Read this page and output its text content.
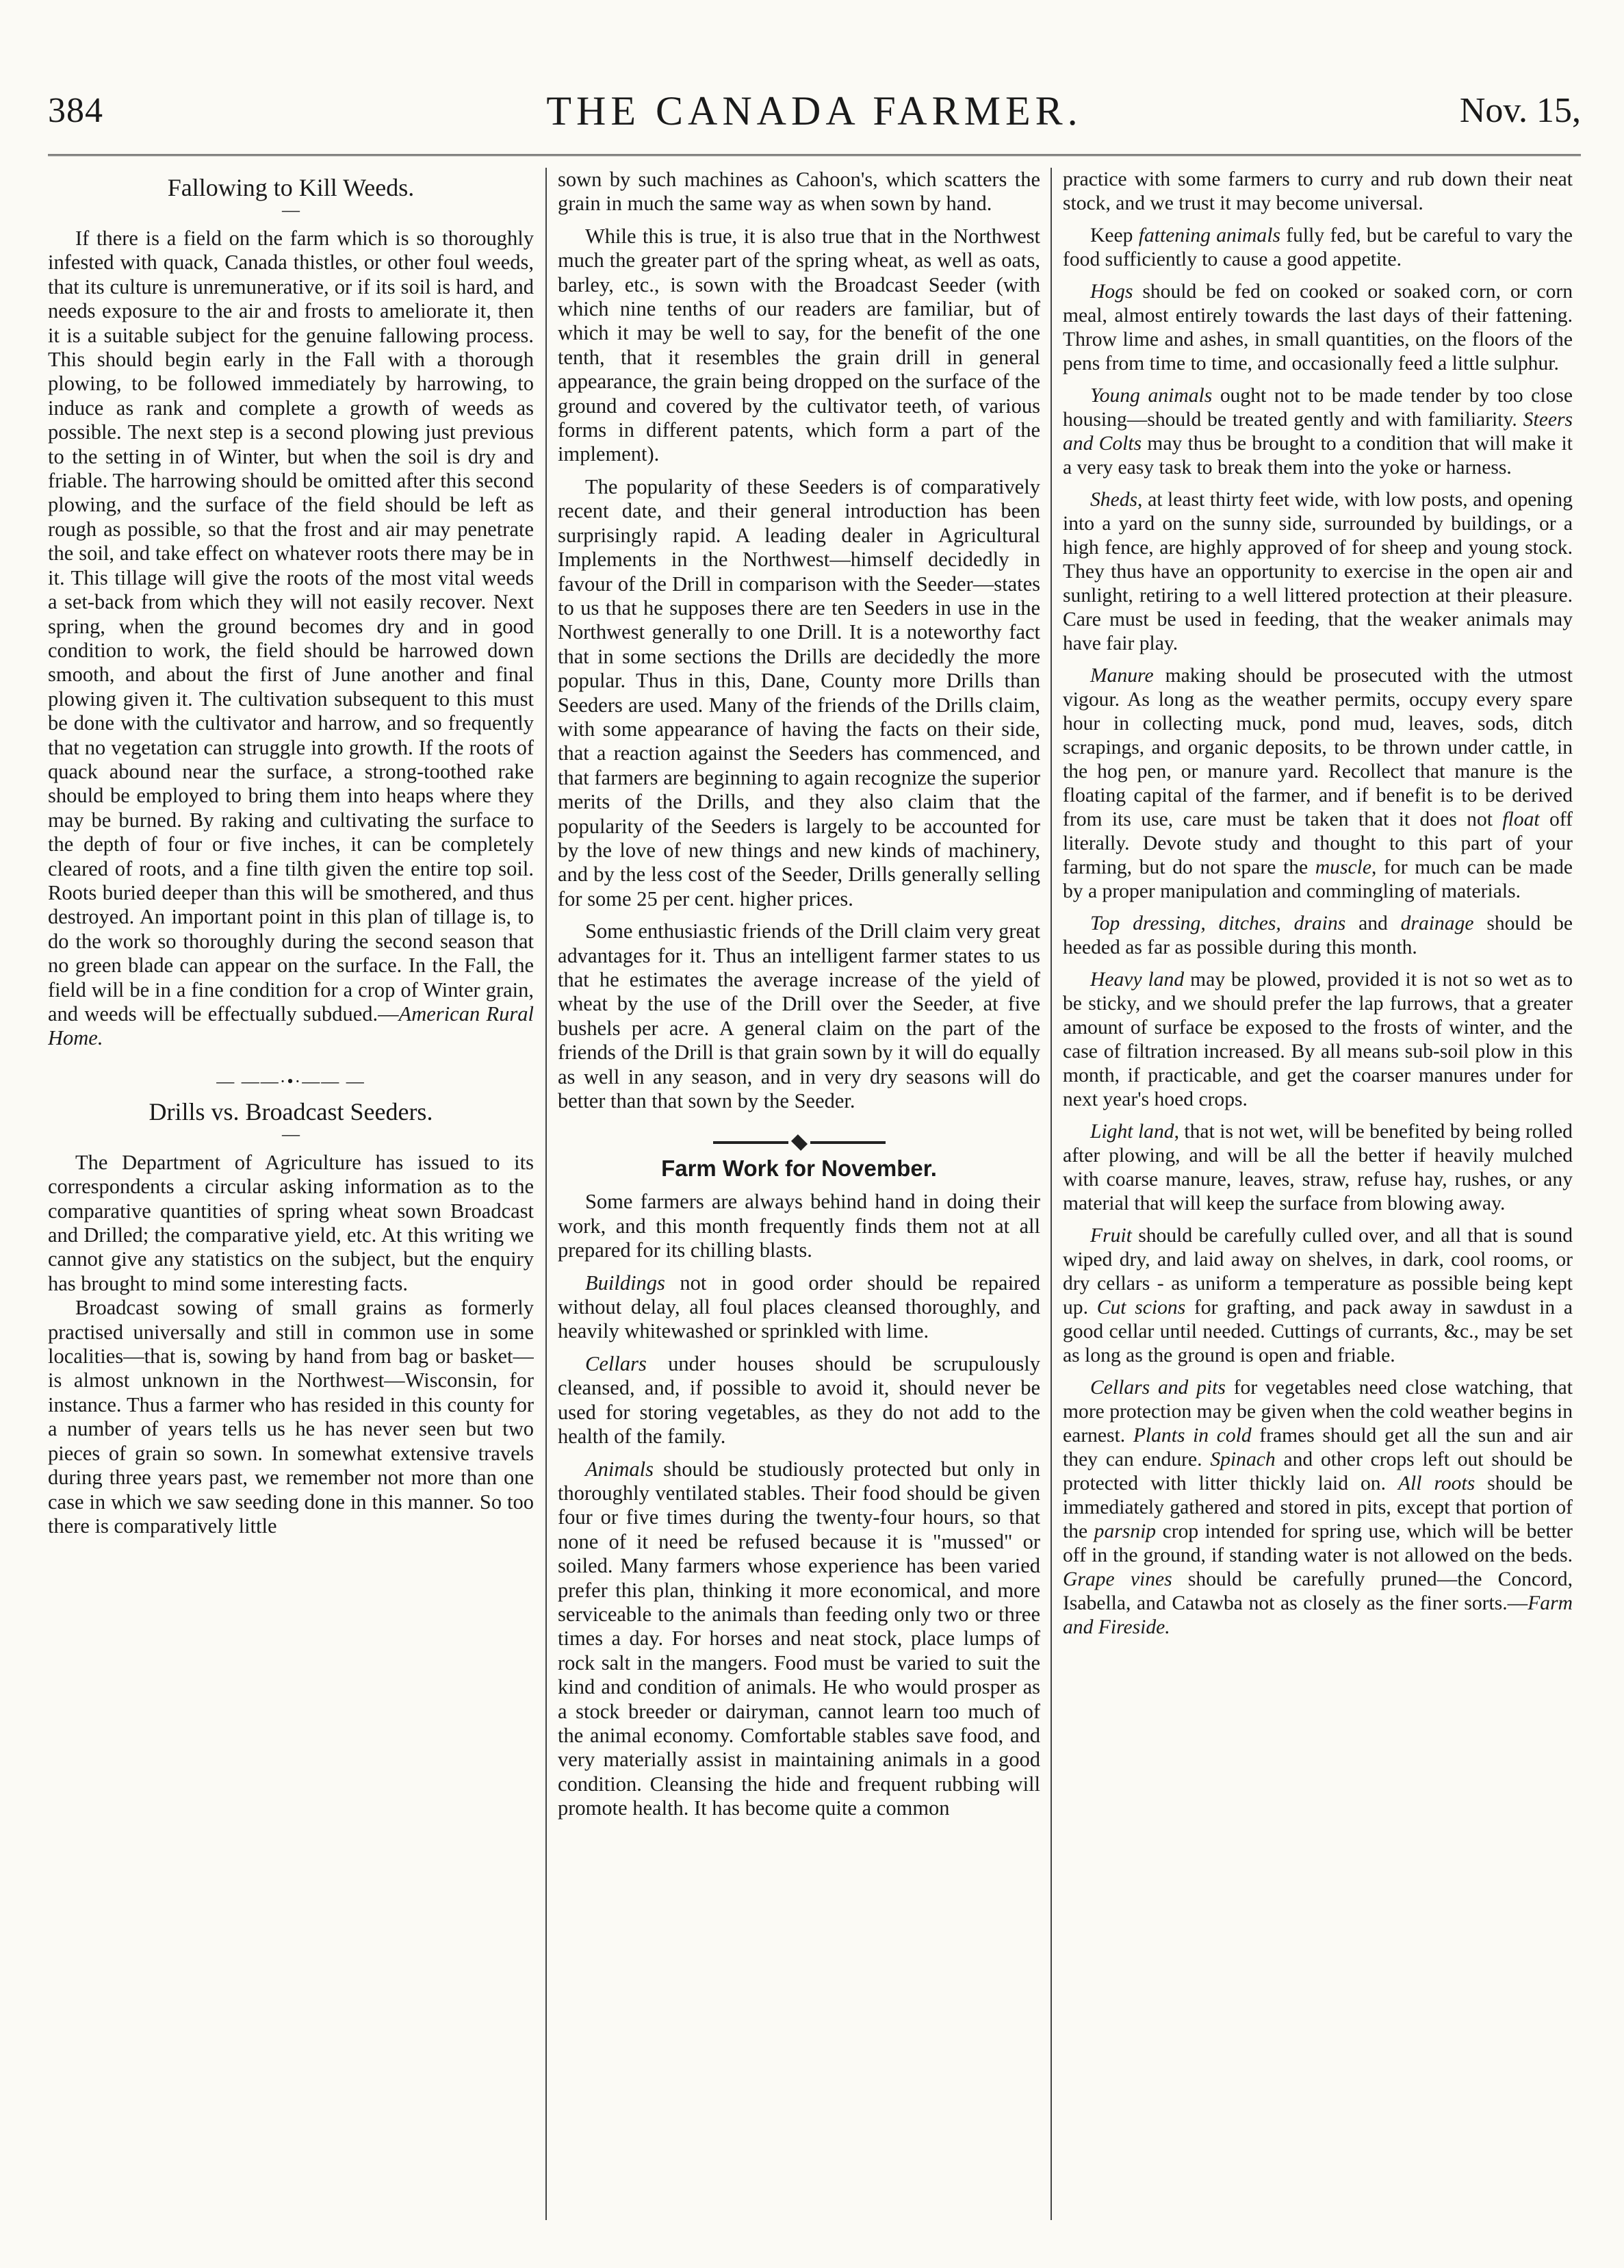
384	THE CANADA FARMER.	Nov. 15,
Fallowing to Kill Weeds.
—

If there is a field on the farm which is so thoroughly infested with quack, Canada thistles, or other foul weeds, that its culture is unremunerative, or if its soil is hard, and needs exposure to the air and frosts to ameliorate it, then it is a suitable subject for the genuine fallowing process. This should begin early in the Fall with a thorough plowing, to be followed immediately by harrowing, to induce as rank and complete a growth of weeds as possible. The next step is a second plowing just previous to the setting in of Winter, but when the soil is dry and friable. The harrowing should be omitted after this second plowing, and the surface of the field should be left as rough as possible, so that the frost and air may penetrate the soil, and take effect on whatever roots there may be in it. This tillage will give the roots of the most vital weeds a set-back from which they will not easily recover. Next spring, when the ground becomes dry and in good condition to work, the field should be harrowed down smooth, and about the first of June another and final plowing given it. The cultivation subsequent to this must be done with the cultivator and harrow, and so frequently that no vegetation can struggle into growth. If the roots of quack abound near the surface, a strong-toothed rake should be employed to bring them into heaps where they may be burned. By raking and cultivating the surface to the depth of four or five inches, it can be completely cleared of roots, and a fine tilth given the entire top soil. Roots buried deeper than this will be smothered, and thus destroyed. An important point in this plan of tillage is, to do the work so thoroughly during the second season that no green blade can appear on the surface. In the Fall, the field will be in a fine condition for a crop of Winter grain, and weeds will be effectually subdued.—American Rural Home.

— ——·•·—— —
Drills vs. Broadcast Seeders.
—

The Department of Agriculture has issued to its correspondents a circular asking information as to the comparative quantities of spring wheat sown Broadcast and Drilled; the comparative yield, etc. At this writing we cannot give any statistics on the subject, but the enquiry has brought to mind some interesting facts.

Broadcast sowing of small grains as formerly practised universally and still in common use in some localities—that is, sowing by hand from bag or basket—is almost unknown in the Northwest—Wisconsin, for instance. Thus a farmer who has resided in this county for a number of years tells us he has never seen but two pieces of grain so sown. In somewhat extensive travels during three years past, we remember not more than one case in which we saw seeding done in this manner. So too there is comparatively little

sown by such machines as Cahoon's, which scatters the grain in much the same way as when sown by hand.

While this is true, it is also true that in the Northwest much the greater part of the spring wheat, as well as oats, barley, etc., is sown with the Broadcast Seeder (with which nine tenths of our readers are familiar, but of which it may be well to say, for the benefit of the one tenth, that it resembles the grain drill in general appearance, the grain being dropped on the surface of the ground and covered by the cultivator teeth, of various forms in different patents, which form a part of the implement).

The popularity of these Seeders is of comparatively recent date, and their general introduction has been surprisingly rapid. A leading dealer in Agricultural Implements in the Northwest—himself decidedly in favour of the Drill in comparison with the Seeder—states to us that he supposes there are ten Seeders in use in the Northwest generally to one Drill. It is a noteworthy fact that in some sections the Drills are decidedly the more popular. Thus in this, Dane, County more Drills than Seeders are used. Many of the friends of the Drills claim, with some appearance of having the facts on their side, that a reaction against the Seeders has commenced, and that farmers are beginning to again recognize the superior merits of the Drills, and they also claim that the popularity of the Seeders is largely to be accounted for by the love of new things and new kinds of machinery, and by the less cost of the Seeder, Drills generally selling for some 25 per cent. higher prices.

Some enthusiastic friends of the Drill claim very great advantages for it. Thus an intelligent farmer states to us that he estimates the average increase of the yield of wheat by the use of the Drill over the Seeder, at five bushels per acre. A general claim on the part of the friends of the Drill is that grain sown by it will do equally as well in any season, and in very dry seasons will do better than that sown by the Seeder.

Farm Work for November.

Some farmers are always behind hand in doing their work, and this month frequently finds them not at all prepared for its chilling blasts.

Buildings not in good order should be repaired without delay, all foul places cleansed thoroughly, and heavily whitewashed or sprinkled with lime.

Cellars under houses should be scrupulously cleansed, and, if possible to avoid it, should never be used for storing vegetables, as they do not add to the health of the family.

Animals should be studiously protected but only in thoroughly ventilated stables. Their food should be given four or five times during the twenty-four hours, so that none of it need be refused because it is "mussed" or soiled. Many farmers whose experience has been varied prefer this plan, thinking it more economical, and more serviceable to the animals than feeding only two or three times a day. For horses and neat stock, place lumps of rock salt in the mangers. Food must be varied to suit the kind and condition of animals. He who would prosper as a stock breeder or dairyman, cannot learn too much of the animal economy. Comfortable stables save food, and very materially assist in maintaining animals in a good condition. Cleansing the hide and frequent rubbing will promote health. It has become quite a common

practice with some farmers to curry and rub down their neat stock, and we trust it may become universal.

Keep fattening animals fully fed, but be careful to vary the food sufficiently to cause a good appetite.

Hogs should be fed on cooked or soaked corn, or corn meal, almost entirely towards the last days of their fattening. Throw lime and ashes, in small quantities, on the floors of the pens from time to time, and occasionally feed a little sulphur.

Young animals ought not to be made tender by too close housing—should be treated gently and with familiarity. Steers and Colts may thus be brought to a condition that will make it a very easy task to break them into the yoke or harness.

Sheds, at least thirty feet wide, with low posts, and opening into a yard on the sunny side, surrounded by buildings, or a high fence, are highly approved of for sheep and young stock. They thus have an opportunity to exercise in the open air and sunlight, retiring to a well littered protection at their pleasure. Care must be used in feeding, that the weaker animals may have fair play.

Manure making should be prosecuted with the utmost vigour. As long as the weather permits, occupy every spare hour in collecting muck, pond mud, leaves, sods, ditch scrapings, and organic deposits, to be thrown under cattle, in the hog pen, or manure yard. Recollect that manure is the floating capital of the farmer, and if benefit is to be derived from its use, care must be taken that it does not float off literally. Devote study and thought to this part of your farming, but do not spare the muscle, for much can be made by a proper manipulation and commingling of materials.

Top dressing, ditches, drains and drainage should be heeded as far as possible during this month.

Heavy land may be plowed, provided it is not so wet as to be sticky, and we should prefer the lap furrows, that a greater amount of surface be exposed to the frosts of winter, and the case of filtration increased. By all means sub-soil plow in this month, if practicable, and get the coarser manures under for next year's hoed crops.

Light land, that is not wet, will be benefited by being rolled after plowing, and will be all the better if heavily mulched with coarse manure, leaves, straw, refuse hay, rushes, or any material that will keep the surface from blowing away.

Fruit should be carefully culled over, and all that is sound wiped dry, and laid away on shelves, in dark, cool rooms, or dry cellars - as uniform a temperature as possible being kept up. Cut scions for grafting, and pack away in sawdust in a good cellar until needed. Cuttings of currants, &c., may be set as long as the ground is open and friable.

Cellars and pits for vegetables need close watching, that more protection may be given when the cold weather begins in earnest. Plants in cold frames should get all the sun and air they can endure. Spinach and other crops left out should be protected with litter thickly laid on. All roots should be immediately gathered and stored in pits, except that portion of the parsnip crop intended for spring use, which will be better off in the ground, if standing water is not allowed on the beds. Grape vines should be carefully pruned—the Concord, Isabella, and Catawba not as closely as the finer sorts.—Farm and Fireside.
